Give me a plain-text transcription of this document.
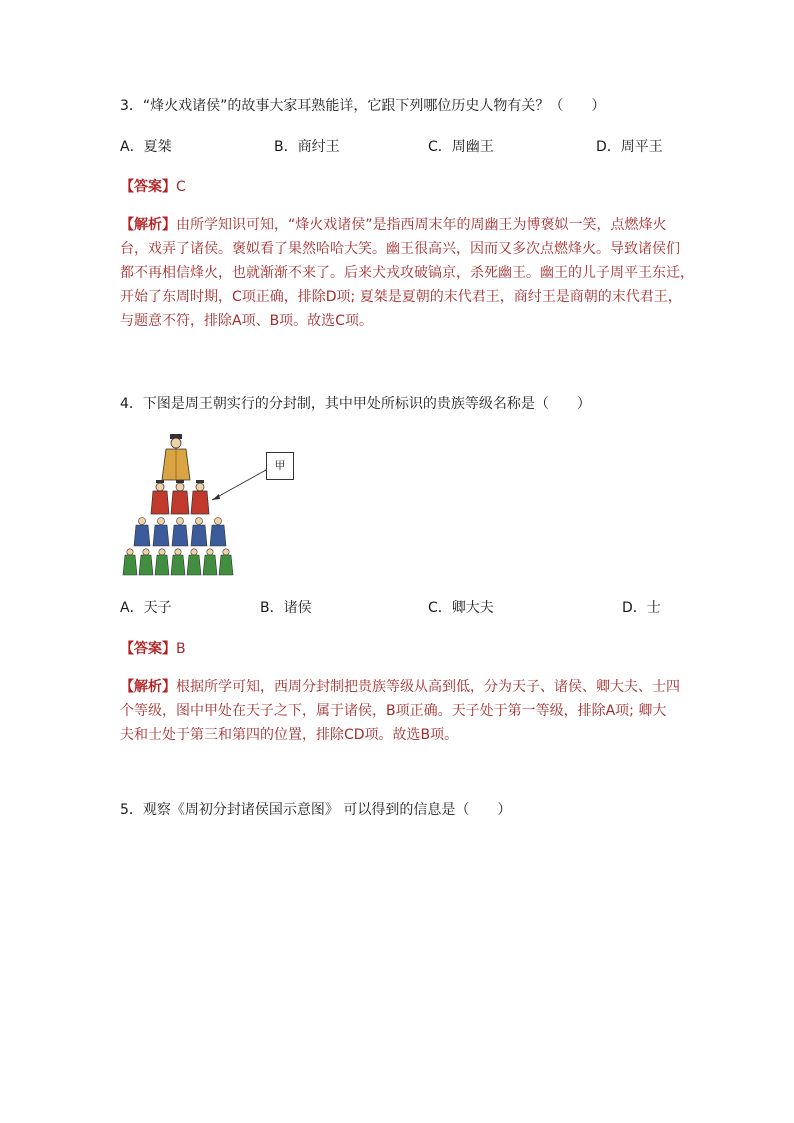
3．“烽火戏诸侯”的故事大家耳熟能详，它跟下列哪位历史人物有关？（　　）
A．夏桀	B．商纣王	C．周幽王	D．周平王
【答案】C

【解析】由所学知识可知，“烽火戏诸侯”是指西周末年的周幽王为博褒姒一笑，点燃烽火

台，戏弄了诸侯。褒姒看了果然哈哈大笑。幽王很高兴，因而又多次点燃烽火。导致诸侯们

都不再相信烽火，也就渐渐不来了。后来犬戎攻破镐京，杀死幽王。幽王的儿子周平王东迁，

开始了东周时期，C项正确，排除D项; 夏桀是夏朝的末代君王，商纣王是商朝的末代君王，

与题意不符，排除A项、B项。故选C项。

4．下图是周王朝实行的分封制，其中甲处所标识的贵族等级名称是（　　）
甲
A．天子	B．诸侯	C．卿大夫	D．士
【答案】B

【解析】根据所学可知，西周分封制把贵族等级从高到低，分为天子、诸侯、卿大夫、士四

个等级，图中甲处在天子之下，属于诸侯，B项正确。天子处于第一等级，排除A项; 卿大

夫和士处于第三和第四的位置，排除CD项。故选B项。

5．观察《周初分封诸侯国示意图》 可以得到的信息是（　　）
